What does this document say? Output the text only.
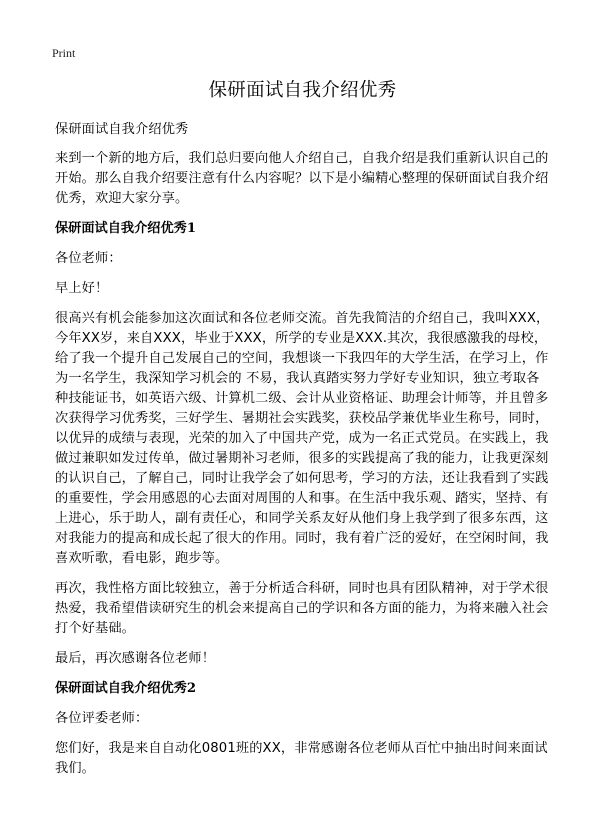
Print
保研面试自我介绍优秀

保研面试自我介绍优秀

来到一个新的地方后，我们总归要向他人介绍自己，自我介绍是我们重新认识自己的开始。那么自我介绍要注意有什么内容呢？以下是小编精心整理的保研面试自我介绍优秀，欢迎大家分享。

保研面试自我介绍优秀1

各位老师：

早上好！

很高兴有机会能参加这次面试和各位老师交流。首先我简洁的介绍自己，我叫XXX，今年XX岁，来自XXX，毕业于XXX，所学的专业是XXX.其次，我很感激我的母校，给了我一个提升自己发展自己的空间，我想谈一下我四年的大学生活，在学习上，作为一名学生，我深知学习机会的 不易，我认真踏实努力学好专业知识，独立考取各种技能证书，如英语六级、计算机二级、会计从业资格证、助理会计师等，并且曾多次获得学习优秀奖，三好学生、暑期社会实践奖，获校品学兼优毕业生称号，同时，以优异的成绩与表现，光荣的加入了中国共产党，成为一名正式党员。在实践上，我做过兼职如发过传单，做过暑期补习老师，很多的实践提高了我的能力，让我更深刻的认识自己，了解自己，同时让我学会了如何思考，学习的方法，还让我看到了实践的重要性，学会用感恩的心去面对周围的人和事。在生活中我乐观、踏实，坚持、有上进心，乐于助人，副有责任心，和同学关系友好从他们身上我学到了很多东西，这对我能力的提高和成长起了很大的作用。同时，我有着广泛的爱好，在空闲时间，我喜欢听歌，看电影，跑步等。

再次，我性格方面比较独立，善于分析适合科研，同时也具有团队精神，对于学术很热爱，我希望借读研究生的机会来提高自己的学识和各方面的能力，为将来融入社会打个好基础。

最后，再次感谢各位老师！

保研面试自我介绍优秀2

各位评委老师：

您们好，我是来自自动化0801班的XX，非常感谢各位老师从百忙中抽出时间来面试我们。
